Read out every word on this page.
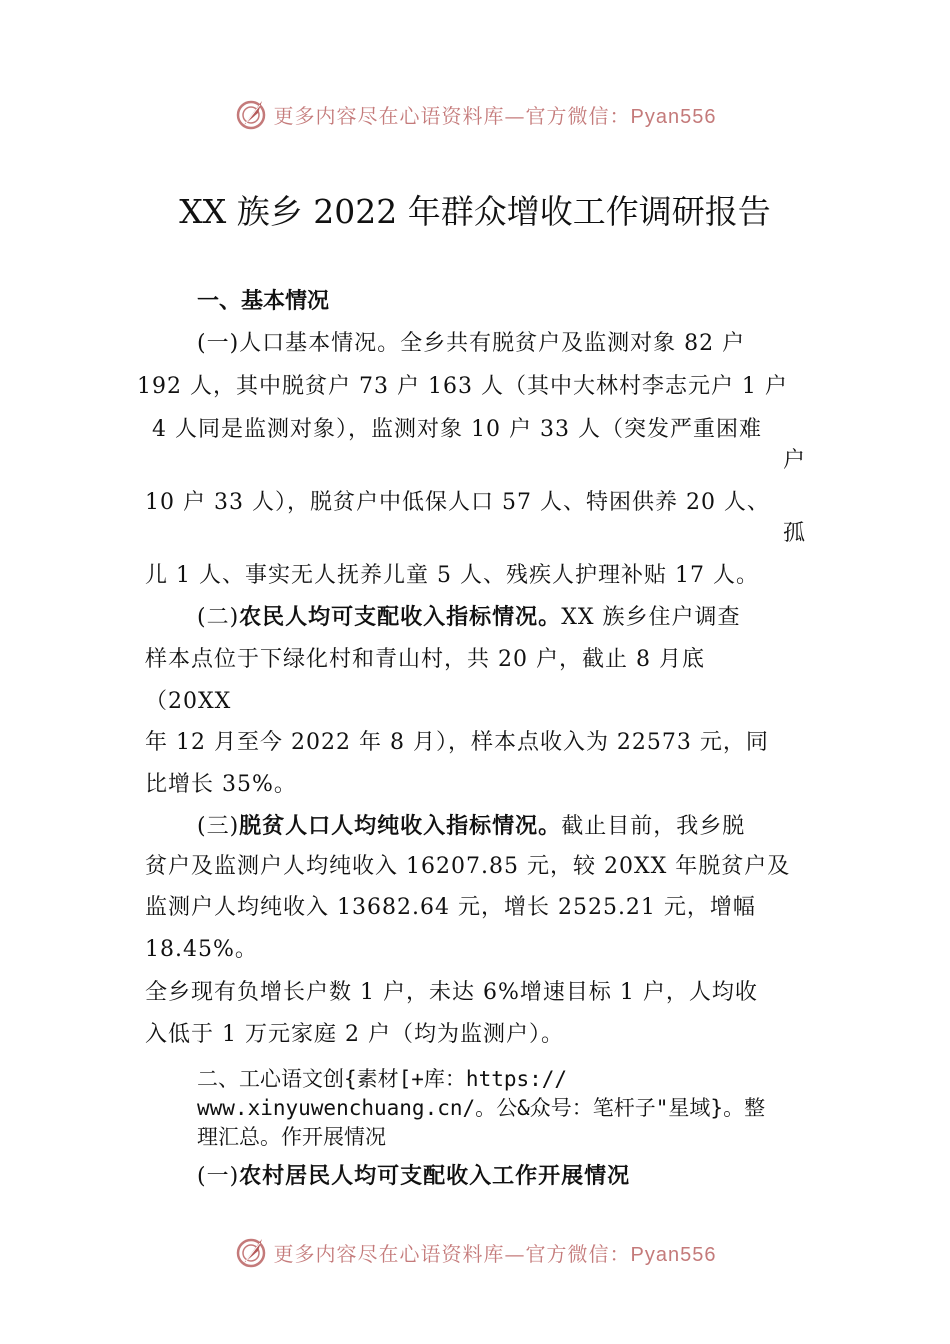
更多内容尽在心语资料库—官方微信：Pyan556
XX 族乡 2022 年群众增收工作调研报告
一、基本情况

(一)人口基本情况。全乡共有脱贫户及监测对象 82 户

192 人，其中脱贫户 73 户 163 人（其中大林村李志元户 1 户

4 人同是监测对象），监测对象 10 户 33 人（突发严重困难

户

10 户 33 人），脱贫户中低保人口 57 人、特困供养 20 人、

孤

儿 1 人、事实无人抚养儿童 5 人、残疾人护理补贴 17 人。

(二)农民人均可支配收入指标情况。XX 族乡住户调查

样本点位于下绿化村和青山村，共 20 户，截止 8 月底

（20XX

年 12 月至今 2022 年 8 月），样本点收入为 22573 元，同

比增长 35%。

(三)脱贫人口人均纯收入指标情况。截止目前，我乡脱

贫户及监测户人均纯收入 16207.85 元，较 20XX 年脱贫户及

监测户人均纯收入 13682.64 元，增长 2525.21 元，增幅

18.45%。

全乡现有负增长户数 1 户，未达 6%增速目标 1 户，人均收

入低于 1 万元家庭 2 户（均为监测户）。

二、工心语文创{素材[+库：https://

www.xinyuwenchuang.cn/。公&众号：笔杆子"星域}。整

理汇总。作开展情况

(一)农村居民人均可支配收入工作开展情况

更多内容尽在心语资料库—官方微信：Pyan556
